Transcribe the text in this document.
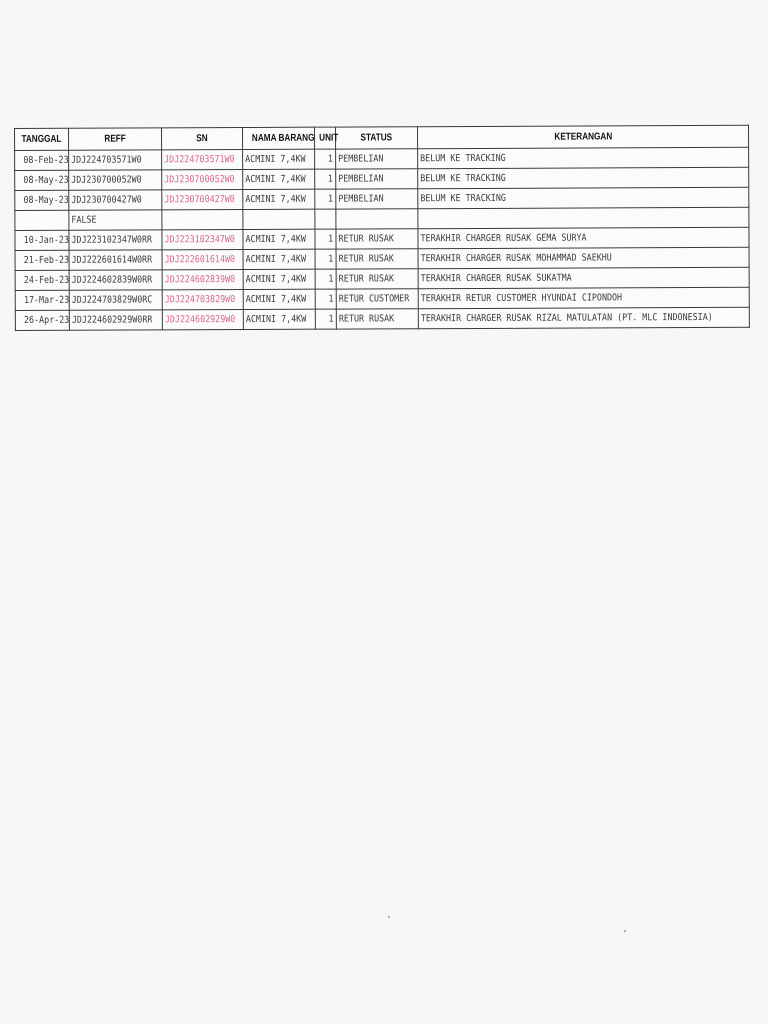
TANGGAL	REFF	SN	NAMA BARANG	UNIT	STATUS	KETERANGAN
08-Feb-23	JDJ224703571W0	JDJ224703571W0	ACMINI 7,4KW	1	PEMBELIAN	BELUM KE TRACKING
08-May-23	JDJ230700052W0	JDJ230700052W0	ACMINI 7,4KW	1	PEMBELIAN	BELUM KE TRACKING
08-May-23	JDJ230700427W0	JDJ230700427W0	ACMINI 7,4KW	1	PEMBELIAN	BELUM KE TRACKING
	FALSE					
10-Jan-23	JDJ223102347W0RR	JDJ223102347W0	ACMINI 7,4KW	1	RETUR RUSAK	TERAKHIR CHARGER RUSAK GEMA SURYA
21-Feb-23	JDJ222601614W0RR	JDJ222601614W0	ACMINI 7,4KW	1	RETUR RUSAK	TERAKHIR CHARGER RUSAK MOHAMMAD SAEKHU
24-Feb-23	JDJ224602839W0RR	JDJ224602839W0	ACMINI 7,4KW	1	RETUR RUSAK	TERAKHIR CHARGER RUSAK SUKATMA
17-Mar-23	JDJ224703829W0RC	JDJ224703829W0	ACMINI 7,4KW	1	RETUR CUSTOMER	TERAKHIR RETUR CUSTOMER HYUNDAI CIPONDOH
26-Apr-23	JDJ224602929W0RR	JDJ224602929W0	ACMINI 7,4KW	1	RETUR RUSAK	TERAKHIR CHARGER RUSAK RIZAL MATULATAN (PT. MLC INDONESIA)
